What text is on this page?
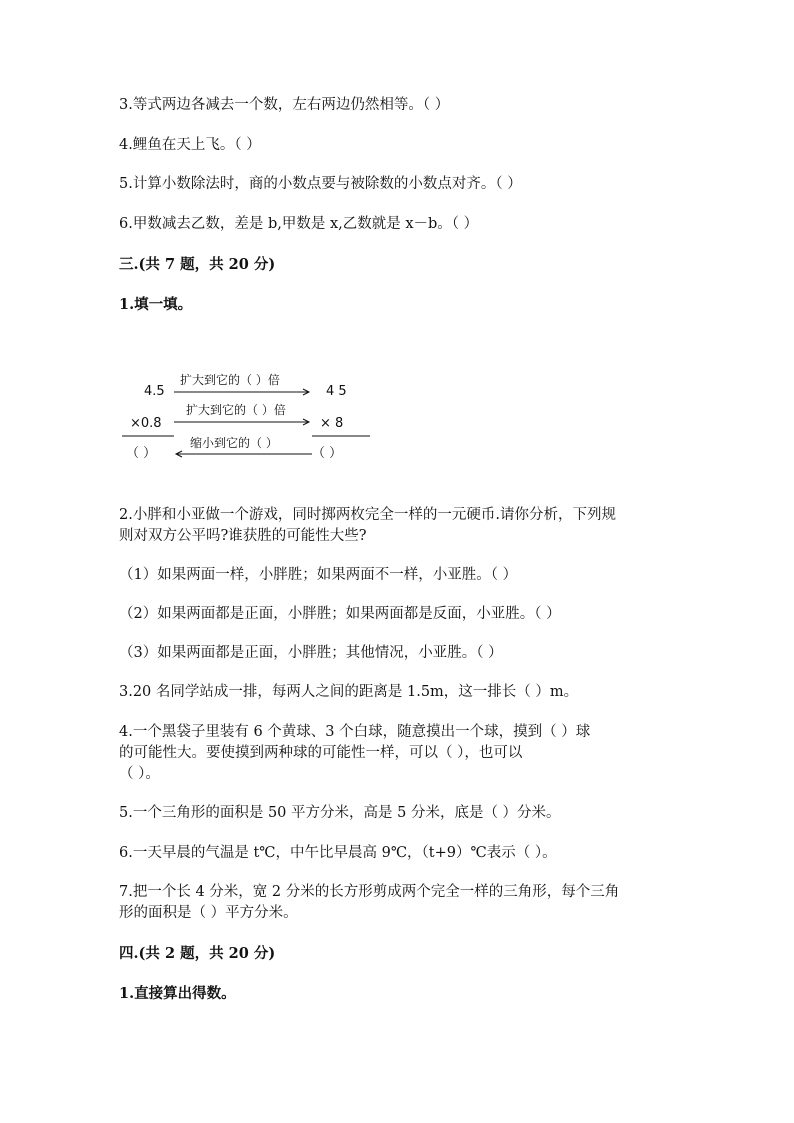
3.等式两边各减去一个数，左右两边仍然相等。（ ）
4.鲤鱼在天上飞。（ ）
5.计算小数除法时，商的小数点要与被除数的小数点对齐。（ ）
6.甲数减去乙数，差是 b,甲数是 x,乙数就是 x－b。（ ）
三.(共 7 题，共 20 分)
1.填一填。
4.5
扩大到它的（ ）倍
4 5
×0.8
扩大到它的（ ）倍
× 8
（ ）
缩小到它的（ ）
（ ）
2.小胖和小亚做一个游戏，同时掷两枚完全一样的一元硬币.请你分析，下列规
则对双方公平吗?谁获胜的可能性大些?
（1）如果两面一样，小胖胜；如果两面不一样，小亚胜。（ ）
（2）如果两面都是正面，小胖胜；如果两面都是反面，小亚胜。（ ）
（3）如果两面都是正面，小胖胜；其他情况，小亚胜。（ ）
3.20 名同学站成一排，每两人之间的距离是 1.5m，这一排长（ ）m。
4.一个黑袋子里装有 6 个黄球、3 个白球，随意摸出一个球，摸到（ ）球
的可能性大。要使摸到两种球的可能性一样，可以（ ），也可以
（ ）。
5.一个三角形的面积是 50 平方分米，高是 5 分米，底是（ ）分米。
6.一天早晨的气温是 t℃，中午比早晨高 9℃，（t+9）℃表示（ ）。
7.把一个长 4 分米，宽 2 分米的长方形剪成两个完全一样的三角形，每个三角
形的面积是（ ）平方分米。
四.(共 2 题，共 20 分)
1.直接算出得数。
